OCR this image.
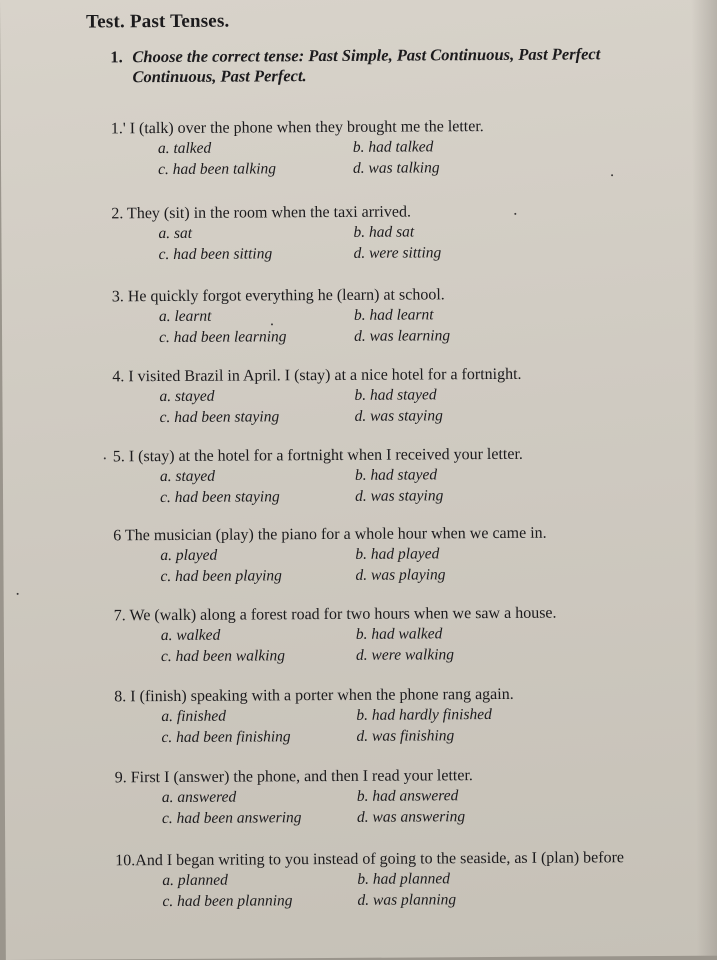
Test. Past Tenses.
1. Choose the correct tense: Past Simple, Past Continuous, Past Perfect
Continuous, Past Perfect.
1.' I (talk) over the phone when they brought me the letter.
a. talked	b. had talked
c. had been talking	d. was talking
2. They (sit) in the room when the taxi arrived.
a. sat	b. had sat
c. had been sitting	d. were sitting
3. He quickly forgot everything he (learn) at school.
a. learnt	b. had learnt
c. had been learning	d. was learning
4. I visited Brazil in April. I (stay) at a nice hotel for a fortnight.
a. stayed	b. had stayed
c. had been staying	d. was staying
5. I (stay) at the hotel for a fortnight when I received your letter.
a. stayed	b. had stayed
c. had been staying	d. was staying
6 The musician (play) the piano for a whole hour when we came in.
a. played	b. had played
c. had been playing	d. was playing
7. We (walk) along a forest road for two hours when we saw a house.
a. walked	b. had walked
c. had been walking	d. were walking
8. I (finish) speaking with a porter when the phone rang again.
a. finished	b. had hardly finished
c. had been finishing	d. was finishing
9. First I (answer) the phone, and then I read your letter.
a. answered	b. had answered
c. had been answering	d. was answering
10.And I began writing to you instead of going to the seaside, as I (plan) before
a. planned	b. had planned
c. had been planning	d. was planning
